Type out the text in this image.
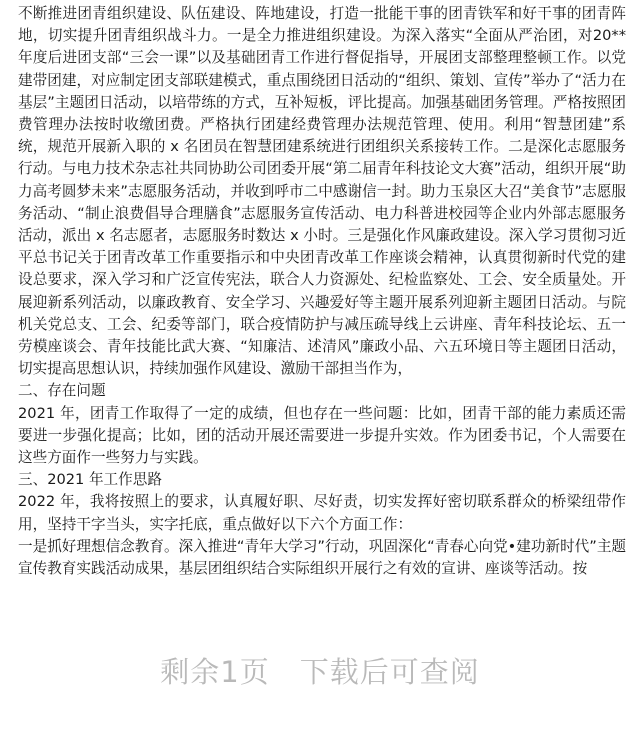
不断推进团青组织建设、队伍建设、阵地建设，打造一批能干事的团青铁军和好干事的团青阵地，切实提升团青组织战斗力。一是全力推进组织建设。为深入落实“全面从严治团，对20**年度后进团支部“三会一课”以及基础团青工作进行督促指导，开展团支部整理整顿工作。以党建带团建，对应制定团支部联建模式，重点围绕团日活动的“组织、策划、宣传”举办了“活力在基层”主题团日活动，以培带练的方式，互补短板，评比提高。加强基础团务管理。严格按照团费管理办法按时收缴团费。严格执行团建经费管理办法规范管理、使用。利用“智慧团建”系统，规范开展新入职的 x 名团员在智慧团建系统进行团组织关系接转工作。二是深化志愿服务行动。与电力技术杂志社共同协助公司团委开展“第二届青年科技论文大赛”活动，组织开展“助力高考圆梦未来”志愿服务活动，并收到呼市二中感谢信一封。助力玉泉区大召“美食节”志愿服务活动、“制止浪费倡导合理膳食”志愿服务宣传活动、电力科普进校园等企业内外部志愿服务活动，派出 x 名志愿者，志愿服务时数达 x 小时。三是强化作风廉政建设。深入学习贯彻习近平总书记关于团青改革工作重要指示和中央团青改革工作座谈会精神，认真贯彻新时代党的建设总要求，深入学习和广泛宣传宪法，联合人力资源处、纪检监察处、工会、安全质量处。开展迎新系列活动，以廉政教育、安全学习、兴趣爱好等主题开展系列迎新主题团日活动。与院机关党总支、工会、纪委等部门，联合疫情防护与减压疏导线上云讲座、青年科技论坛、五一劳模座谈会、青年技能比武大赛、“知廉洁、述清风”廉政小品、六五环境日等主题团日活动，切实提高思想认识，持续加强作风建设、激励干部担当作为，

二、存在问题

2021 年，团青工作取得了一定的成绩，但也存在一些问题：比如，团青干部的能力素质还需要进一步强化提高；比如，团的活动开展还需要进一步提升实效。作为团委书记，个人需要在这些方面作一些努力与实践。

三、2021 年工作思路

2022 年，我将按照上的要求，认真履好职、尽好责，切实发挥好密切联系群众的桥梁纽带作用，坚持干字当头，实字托底，重点做好以下六个方面工作：

一是抓好理想信念教育。深入推进“青年大学习”行动，巩固深化“青春心向党•建功新时代”主题宣传教育实践活动成果，基层团组织结合实际组织开展行之有效的宣讲、座谈等活动。按

剩余1页 下载后可查阅
